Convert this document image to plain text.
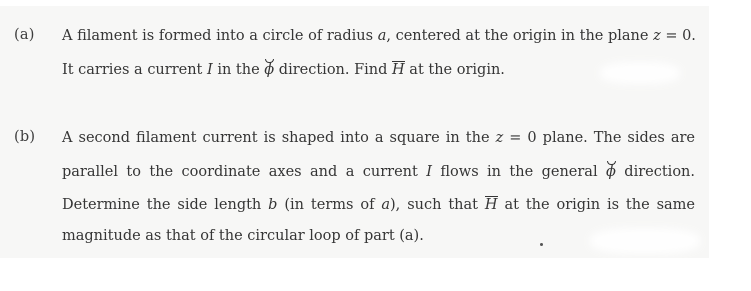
(a) A filament is formed into a circle of radius a, centered at the origin in the plane z = 0.
It carries a current I in the ϕ direction. Find H at the origin.
(b) A second filament current is shaped into a square in the z = 0 plane. The sides are
parallel to the coordinate axes and a current I flows in the general ϕ direction.
Determine the side length b (in terms of a), such that H at the origin is the same
magnitude as that of the circular loop of part (a).
